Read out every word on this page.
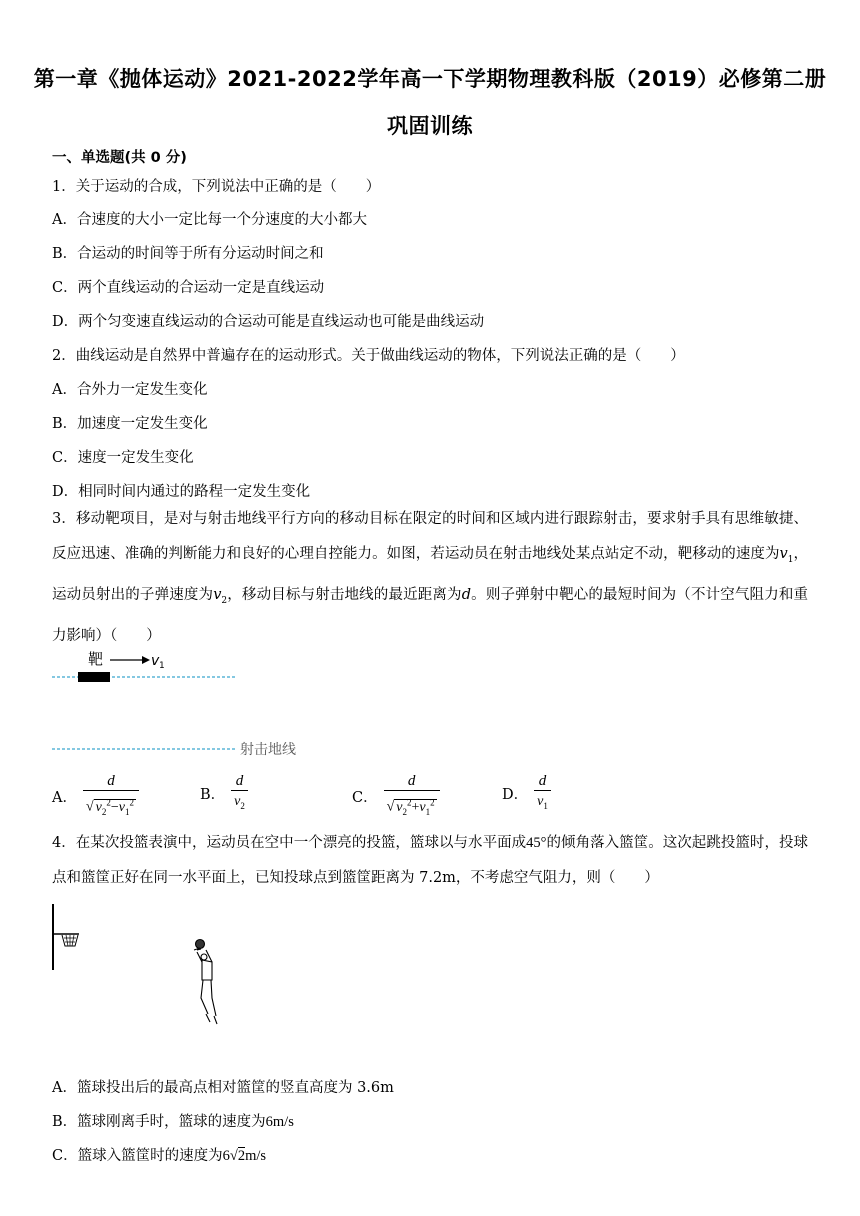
第一章《抛体运动》2021-2022学年高一下学期物理教科版（2019）必修第二册
巩固训练
一、单选题(共 0 分)
1．关于运动的合成，下列说法中正确的是（　　）
A．合速度的大小一定比每一个分速度的大小都大
B．合运动的时间等于所有分运动时间之和
C．两个直线运动的合运动一定是直线运动
D．两个匀变速直线运动的合运动可能是直线运动也可能是曲线运动
2．曲线运动是自然界中普遍存在的运动形式。关于做曲线运动的物体，下列说法正确的是（　　）
A．合外力一定发生变化
B．加速度一定发生变化
C．速度一定发生变化
D．相同时间内通过的路程一定发生变化
3．移动靶项目，是对与射击地线平行方向的移动目标在限定的时间和区域内进行跟踪射击，要求射手具有思维敏捷、反应迅速、准确的判断能力和良好的心理自控能力。如图，若运动员在射击地线处某点站定不动，靶移动的速度为$v_1$，运动员射出的子弹速度为$v_2$，移动目标与射击地线的最近距离为d。则子弹射中靶心的最短时间为（不计空气阻力和重力影响）（　　）
靶	v 1
射击地线
A． $\frac{d}{√ v_2^2-v_1^2}$	B． $\frac{d}{v_2}$	C． $\frac{d}{√ v_2^2+v_1^2}$	D． $\frac{d}{v_1}$
4．在某次投篮表演中，运动员在空中一个漂亮的投篮，篮球以与水平面成45°的倾角落入篮筐。这次起跳投篮时，投球点和篮筐正好在同一水平面上，已知投球点到篮筐距离为 7.2m，不考虑空气阻力，则（　　）
A．篮球投出后的最高点相对篮筐的竖直高度为 3.6m
B．篮球刚离手时，篮球的速度为6m/s
C．篮球入篮筐时的速度为6√2m/s
